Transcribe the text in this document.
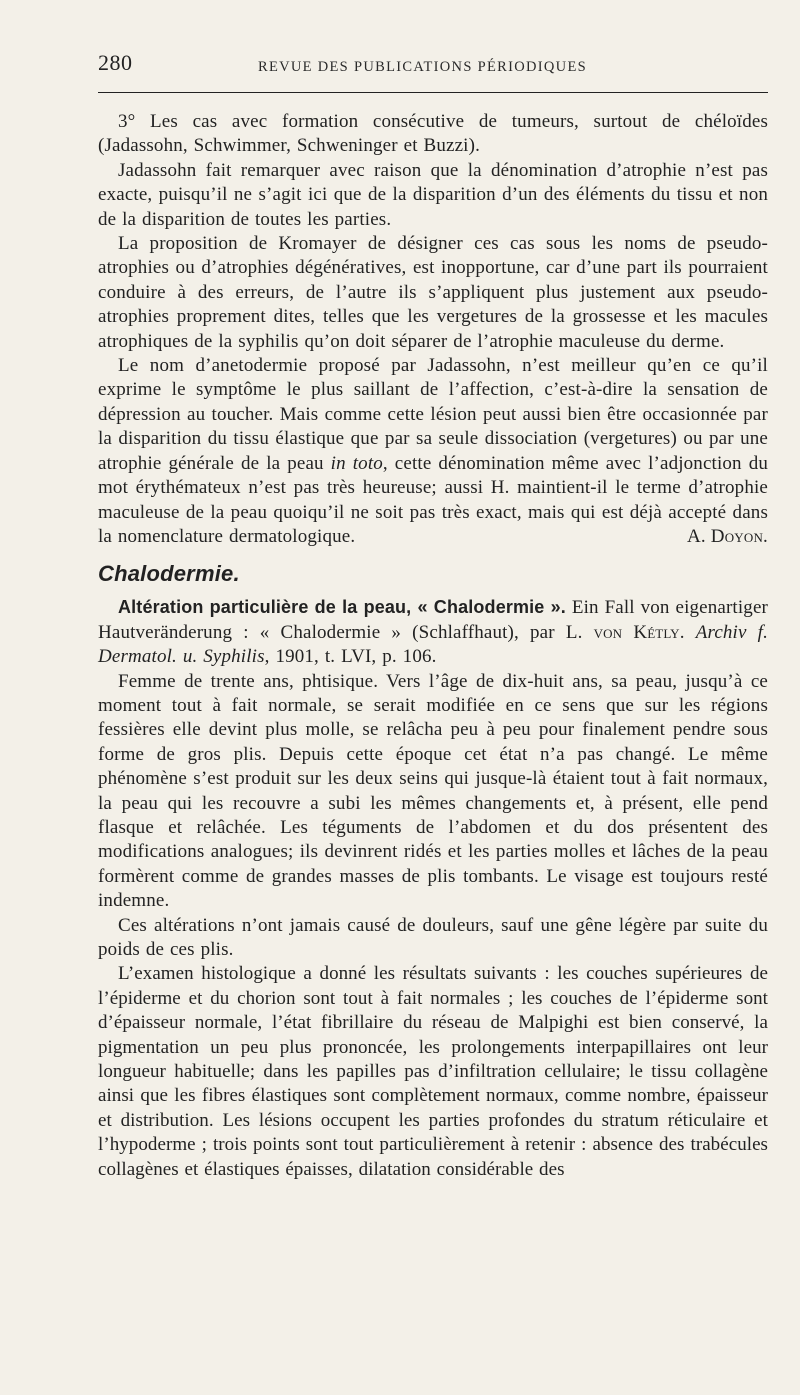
280	REVUE DES PUBLICATIONS PÉRIODIQUES

3° Les cas avec formation consécutive de tumeurs, surtout de chéloïdes (Jadassohn, Schwimmer, Schweninger et Buzzi).

Jadassohn fait remarquer avec raison que la dénomination d’atrophie n’est pas exacte, puisqu’il ne s’agit ici que de la disparition d’un des éléments du tissu et non de la disparition de toutes les parties.

La proposition de Kromayer de désigner ces cas sous les noms de pseudo-atrophies ou d’atrophies dégénératives, est inopportune, car d’une part ils pourraient conduire à des erreurs, de l’autre ils s’appliquent plus justement aux pseudo-atrophies proprement dites, telles que les vergetures de la grossesse et les macules atrophiques de la syphilis qu’on doit séparer de l’atrophie maculeuse du derme.

Le nom d’anetodermie proposé par Jadassohn, n’est meilleur qu’en ce qu’il exprime le symptôme le plus saillant de l’affection, c’est-à-dire la sensation de dépression au toucher. Mais comme cette lésion peut aussi bien être occasionnée par la disparition du tissu élastique que par sa seule dissociation (vergetures) ou par une atrophie générale de la peau in toto, cette dénomination même avec l’adjonction du mot érythémateux n’est pas très heureuse; aussi H. maintient-il le terme d’atrophie maculeuse de la peau quoiqu’il ne soit pas très exact, mais qui est déjà accepté dans la nomenclature dermatologique.	A. Doyon.
Chalodermie.

Altération particulière de la peau, « Chalodermie ». Ein Fall von eigenartiger Hautveränderung : « Chalodermie » (Schlaffhaut), par L. von Kétly. Archiv f. Dermatol. u. Syphilis, 1901, t. LVI, p. 106.

Femme de trente ans, phtisique. Vers l’âge de dix-huit ans, sa peau, jusqu’à ce moment tout à fait normale, se serait modifiée en ce sens que sur les régions fessières elle devint plus molle, se relâcha peu à peu pour finalement pendre sous forme de gros plis. Depuis cette époque cet état n’a pas changé. Le même phénomène s’est produit sur les deux seins qui jusque-là étaient tout à fait normaux, la peau qui les recouvre a subi les mêmes changements et, à présent, elle pend flasque et relâchée. Les téguments de l’abdomen et du dos présentent des modifications analogues; ils devinrent ridés et les parties molles et lâches de la peau formèrent comme de grandes masses de plis tombants. Le visage est toujours resté indemne.

Ces altérations n’ont jamais causé de douleurs, sauf une gêne légère par suite du poids de ces plis.

L’examen histologique a donné les résultats suivants : les couches supérieures de l’épiderme et du chorion sont tout à fait normales ; les couches de l’épiderme sont d’épaisseur normale, l’état fibrillaire du réseau de Malpighi est bien conservé, la pigmentation un peu plus prononcée, les prolongements interpapillaires ont leur longueur habituelle; dans les papilles pas d’infiltration cellulaire; le tissu collagène ainsi que les fibres élastiques sont complètement normaux, comme nombre, épaisseur et distribution. Les lésions occupent les parties profondes du stratum réticulaire et l’hypoderme ; trois points sont tout particulièrement à retenir : absence des trabécules collagènes et élastiques épaisses, dilatation considérable des
